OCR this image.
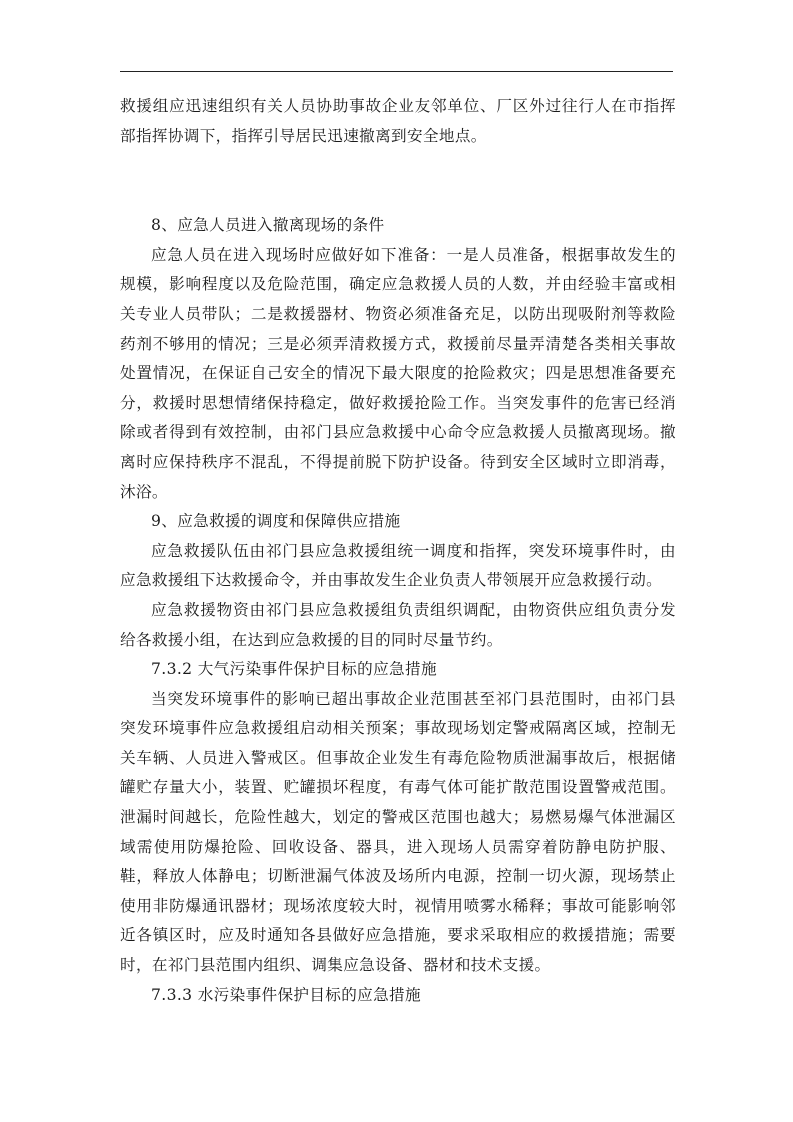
救援组应迅速组织有关人员协助事故企业友邻单位、厂区外过往行人在市指挥部指挥协调下，指挥引导居民迅速撤离到安全地点。

8、应急人员进入撤离现场的条件

应急人员在进入现场时应做好如下准备：一是人员准备，根据事故发生的规模，影响程度以及危险范围，确定应急救援人员的人数，并由经验丰富或相关专业人员带队；二是救援器材、物资必须准备充足，以防出现吸附剂等救险药剂不够用的情况；三是必须弄清救援方式，救援前尽量弄清楚各类相关事故处置情况，在保证自己安全的情况下最大限度的抢险救灾；四是思想准备要充分，救援时思想情绪保持稳定，做好救援抢险工作。当突发事件的危害已经消除或者得到有效控制，由祁门县应急救援中心命令应急救援人员撤离现场。撤离时应保持秩序不混乱，不得提前脱下防护设备。待到安全区域时立即消毒，沐浴。

9、应急救援的调度和保障供应措施

应急救援队伍由祁门县应急救援组统一调度和指挥，突发环境事件时，由应急救援组下达救援命令，并由事故发生企业负责人带领展开应急救援行动。

应急救援物资由祁门县应急救援组负责组织调配，由物资供应组负责分发给各救援小组，在达到应急救援的目的同时尽量节约。

7.3.2 大气污染事件保护目标的应急措施

当突发环境事件的影响已超出事故企业范围甚至祁门县范围时，由祁门县突发环境事件应急救援组启动相关预案；事故现场划定警戒隔离区域，控制无关车辆、人员进入警戒区。但事故企业发生有毒危险物质泄漏事故后，根据储罐贮存量大小，装置、贮罐损坏程度，有毒气体可能扩散范围设置警戒范围。泄漏时间越长，危险性越大，划定的警戒区范围也越大；易燃易爆气体泄漏区域需使用防爆抢险、回收设备、器具，进入现场人员需穿着防静电防护服、鞋，释放人体静电；切断泄漏气体波及场所内电源，控制一切火源，现场禁止使用非防爆通讯器材；现场浓度较大时，视情用喷雾水稀释；事故可能影响邻近各镇区时，应及时通知各县做好应急措施，要求采取相应的救援措施；需要时，在祁门县范围内组织、调集应急设备、器材和技术支援。

7.3.3 水污染事件保护目标的应急措施
